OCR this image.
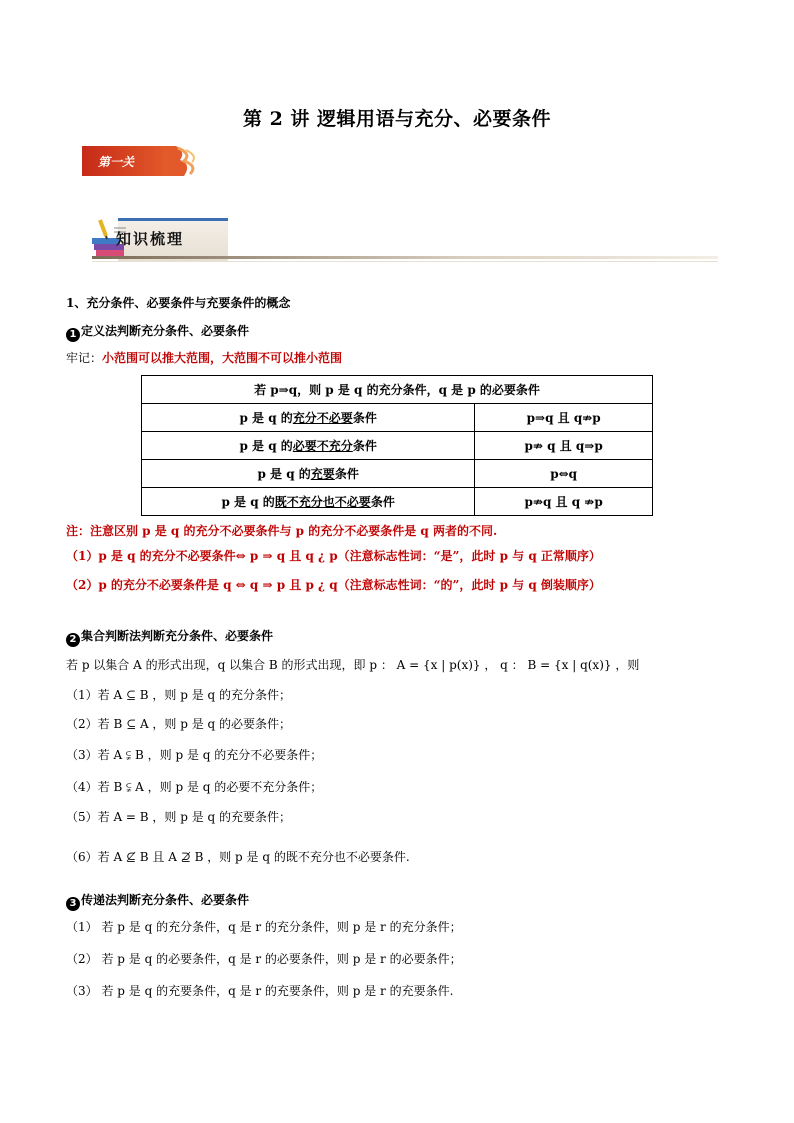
第 2 讲 逻辑用语与充分、必要条件
第一关
知识梳理
1、充分条件、必要条件与充要条件的概念
1 定义法判断充分条件、必要条件
牢记：小范围可以推大范围，大范围不可以推小范围
若 p⇒q，则 p 是 q 的充分条件，q 是 p 的必要条件	
p 是 q 的充分不必要条件	p⇒q 且 q⇏p
p 是 q 的必要不充分条件	p⇏ q 且 q⇒p
p 是 q 的充要条件	p⇔q
p 是 q 的既不充分也不必要条件	p⇏q 且 q ⇏p
注：注意区别 p 是 q 的充分不必要条件与 p 的充分不必要条件是 q 两者的不同.
（1）p 是 q 的充分不必要条件⇔ p ⇒ q 且 q ¿ p（注意标志性词：“是”，此时 p 与 q 正常顺序）
（2）p 的充分不必要条件是 q ⇔ q ⇒ p 且 p ¿ q（注意标志性词：“的”，此时 p 与 q 倒装顺序）
2 集合判断法判断充分条件、必要条件
若 p 以集合 A 的形式出现，q 以集合 B 的形式出现，即 p ： A = {x | p(x)} ， q ： B = {x | q(x)} ，则
（1）若 A ⊆ B ，则 p 是 q 的充分条件；
（2）若 B ⊆ A ，则 p 是 q 的必要条件；
（3）若 A ⫋ B ，则 p 是 q 的充分不必要条件；
（4）若 B ⫋ A ，则 p 是 q 的必要不充分条件；
（5）若 A = B ，则 p 是 q 的充要条件；
（6）若 A ⊈ B 且 A ⊉ B ，则 p 是 q 的既不充分也不必要条件.
3 传递法判断充分条件、必要条件
（1） 若 p 是 q 的充分条件，q 是 r 的充分条件，则 p 是 r 的充分条件；
（2） 若 p 是 q 的必要条件，q 是 r 的必要条件，则 p 是 r 的必要条件；
（3） 若 p 是 q 的充要条件，q 是 r 的充要条件，则 p 是 r 的充要条件.
